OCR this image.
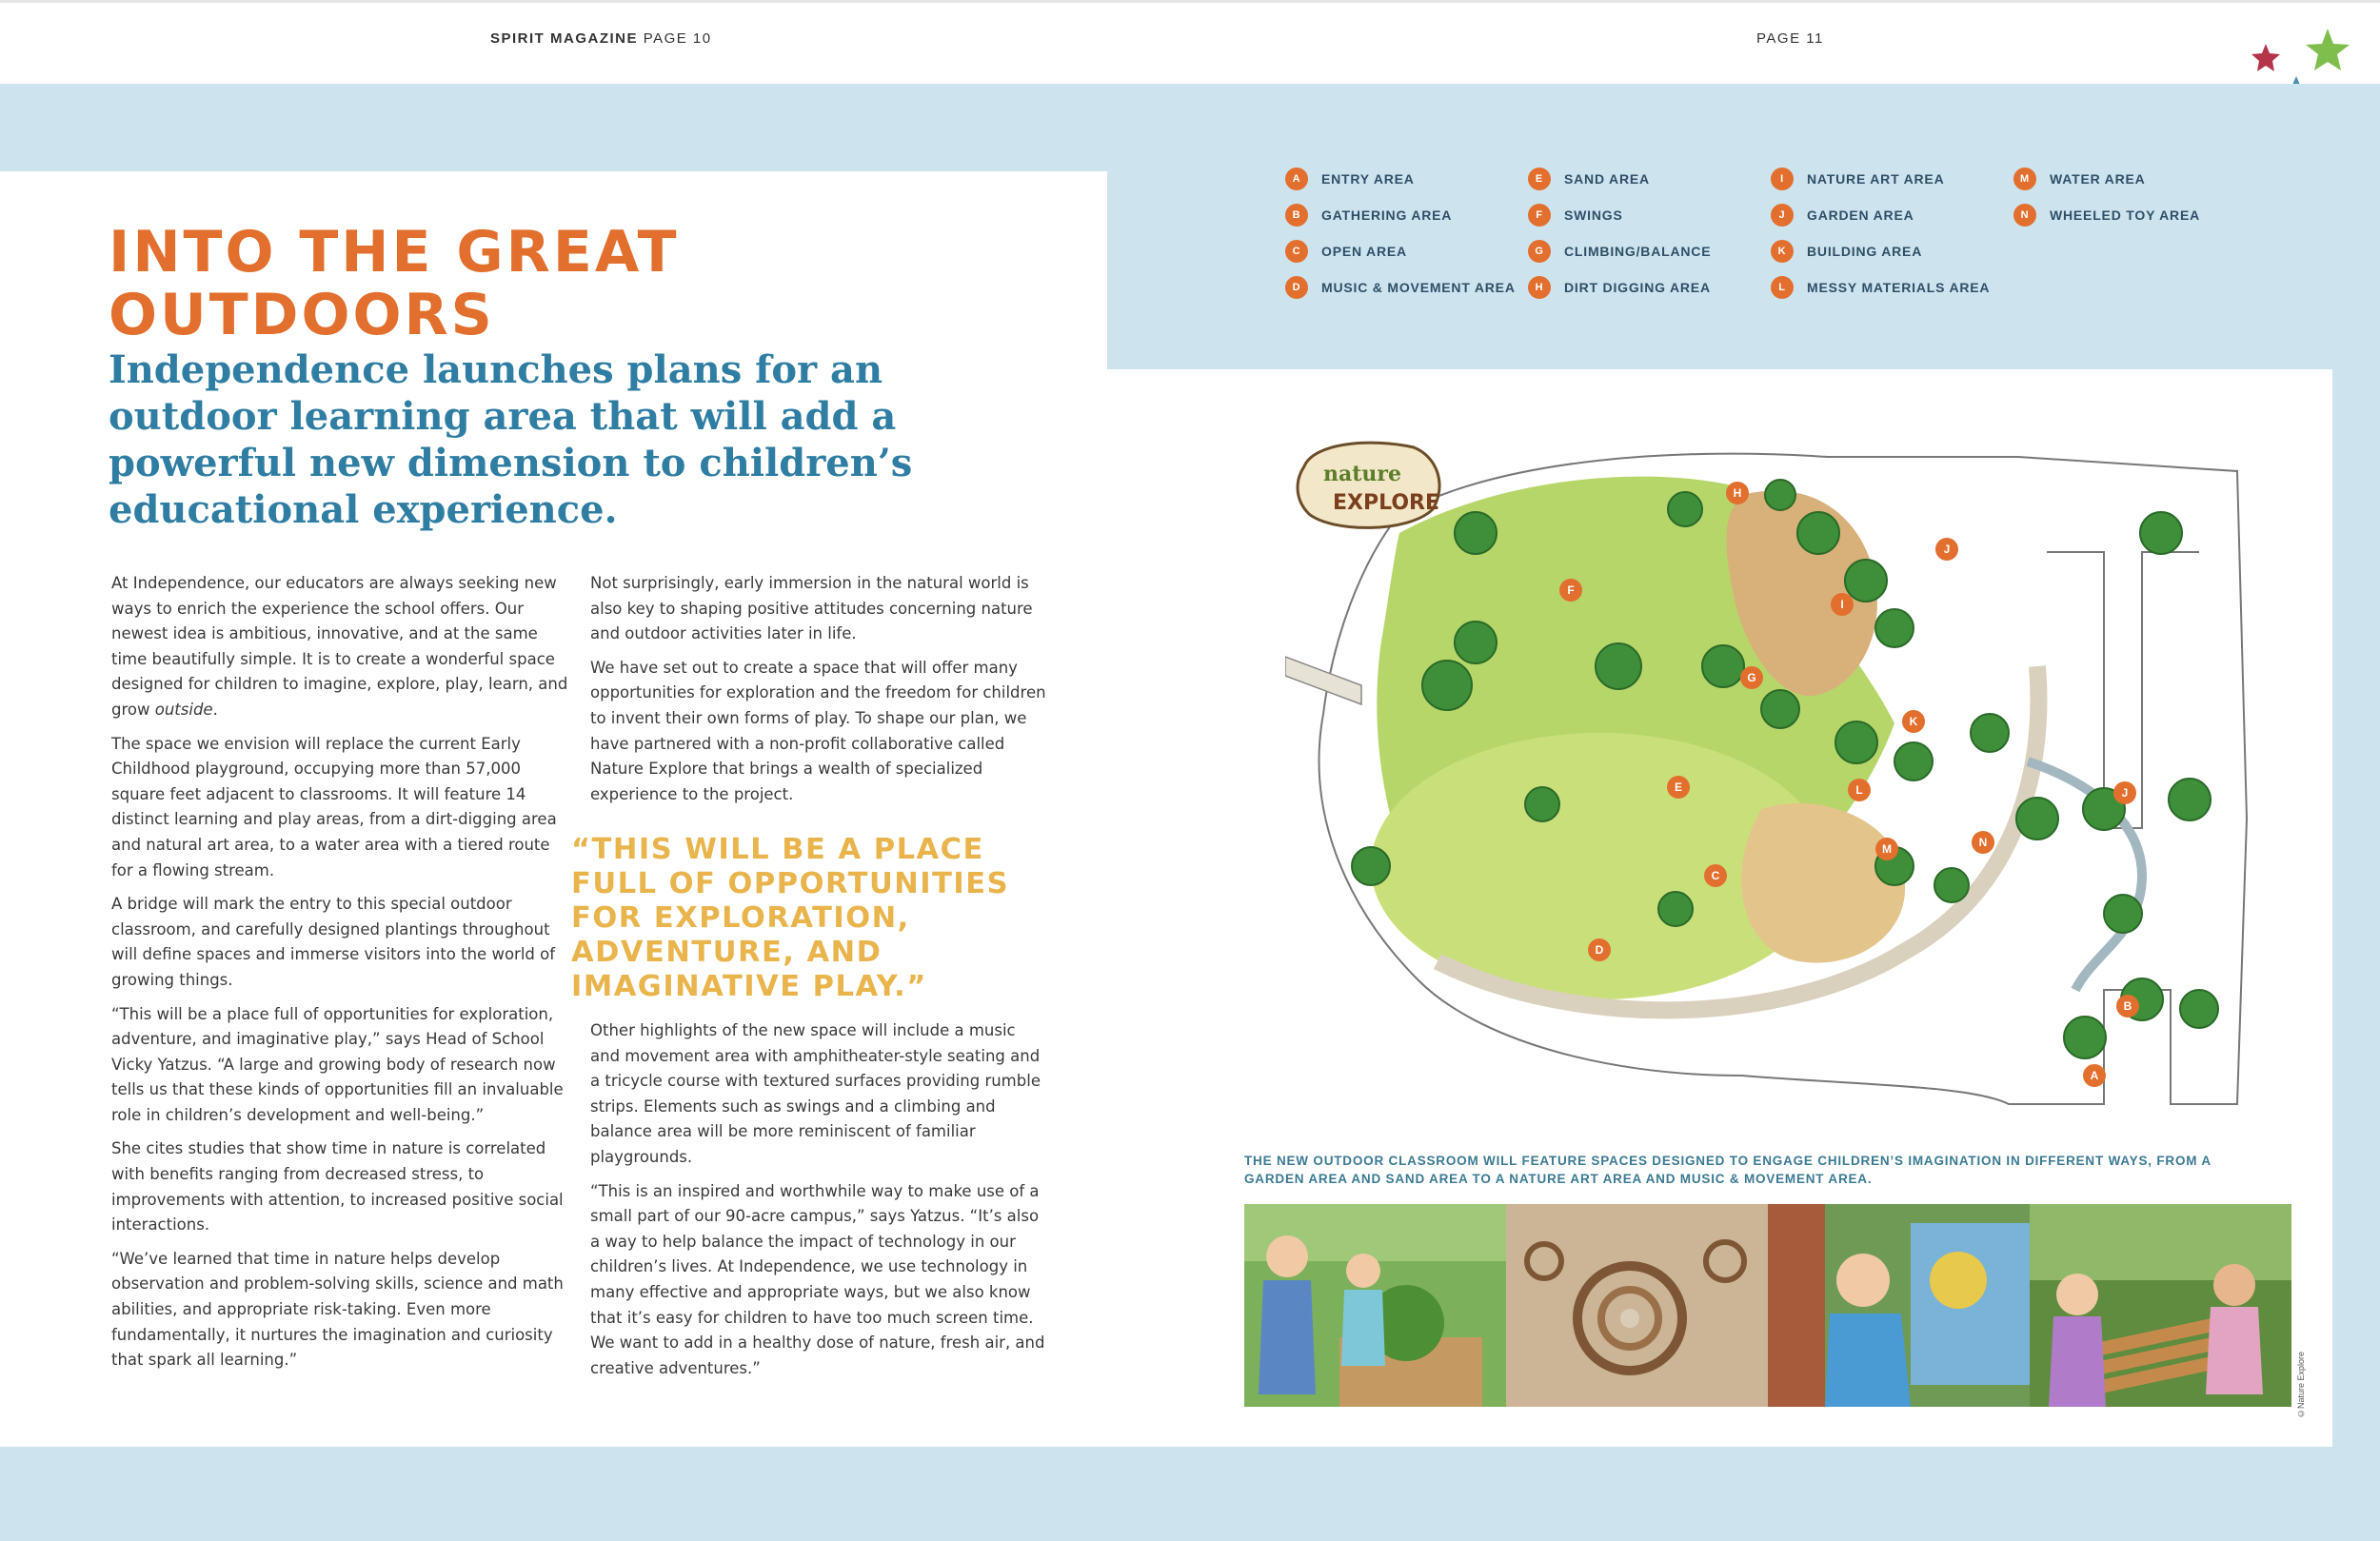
SPIRIT MAGAZINE PAGE 10	PAGE 11
INTO THE GREAT
OUTDOORS
Independence launches plans for an outdoor learning area that will add a powerful new dimension to children’s educational experience.

At Independence, our educators are always seeking new ways to enrich the experience the school offers. Our newest idea is ambitious, innovative, and at the same time beautifully simple. It is to create a wonderful space designed for children to imagine, explore, play, learn, and grow outside.

The space we envision will replace the current Early Childhood playground, occupying more than 57,000 square feet adjacent to classrooms. It will feature 14 distinct learning and play areas, from a dirt-digging area and natural art area, to a water area with a tiered route for a flowing stream.

A bridge will mark the entry to this special outdoor classroom, and carefully designed plantings throughout will define spaces and immerse visitors into the world of growing things.

“This will be a place full of opportunities for exploration, adventure, and imaginative play,” says Head of School Vicky Yatzus. “A large and growing body of research now tells us that these kinds of opportunities fill an invaluable role in children’s development and well-being.”

She cites studies that show time in nature is correlated with benefits ranging from decreased stress, to improvements with attention, to increased positive social interactions.

“We’ve learned that time in nature helps develop observation and problem-solving skills, science and math abilities, and appropriate risk-taking. Even more fundamentally, it nurtures the imagination and curiosity that spark all learning.”

Not surprisingly, early immersion in the natural world is also key to shaping positive attitudes concerning nature and outdoor activities later in life.

We have set out to create a space that will offer many opportunities for exploration and the freedom for children to invent their own forms of play. To shape our plan, we have partnered with a non-profit collaborative called Nature Explore that brings a wealth of specialized experience to the project.

“THIS WILL BE A PLACE FULL OF OPPORTUNITIES FOR EXPLORATION, ADVENTURE, AND IMAGINATIVE PLAY.”

Other highlights of the new space will include a music and movement area with amphitheater-style seating and a tricycle course with textured surfaces providing rumble strips. Elements such as swings and a climbing and balance area will be more reminiscent of familiar playgrounds.

“This is an inspired and worthwhile way to make use of a small part of our 90-acre campus,” says Yatzus. “It’s also a way to help balance the impact of technology in our children’s lives. At Independence, we use technology in many effective and appropriate ways, but we also know that it’s easy for children to have too much screen time. We want to add in a healthy dose of nature, fresh air, and creative adventures.”

A	ENTRY AREA
B	GATHERING AREA
C	OPEN AREA
D	MUSIC & MOVEMENT AREA
E	SAND AREA
F	SWINGS
G	CLIMBING/BALANCE
H	DIRT DIGGING AREA
I	NATURE ART AREA
J	GARDEN AREA
K	BUILDING AREA
L	MESSY MATERIALS AREA
M	WATER AREA
N	WHEELED TOY AREA
H
F
J
I
G
K
E	L	J
C
M	N
D
B
A
nature
EXPLORE

THE NEW OUTDOOR CLASSROOM WILL FEATURE SPACES DESIGNED TO ENGAGE CHILDREN’S IMAGINATION IN DIFFERENT WAYS, FROM A GARDEN AREA AND SAND AREA TO A NATURE ART AREA AND MUSIC & MOVEMENT AREA.

©Nature Explore
